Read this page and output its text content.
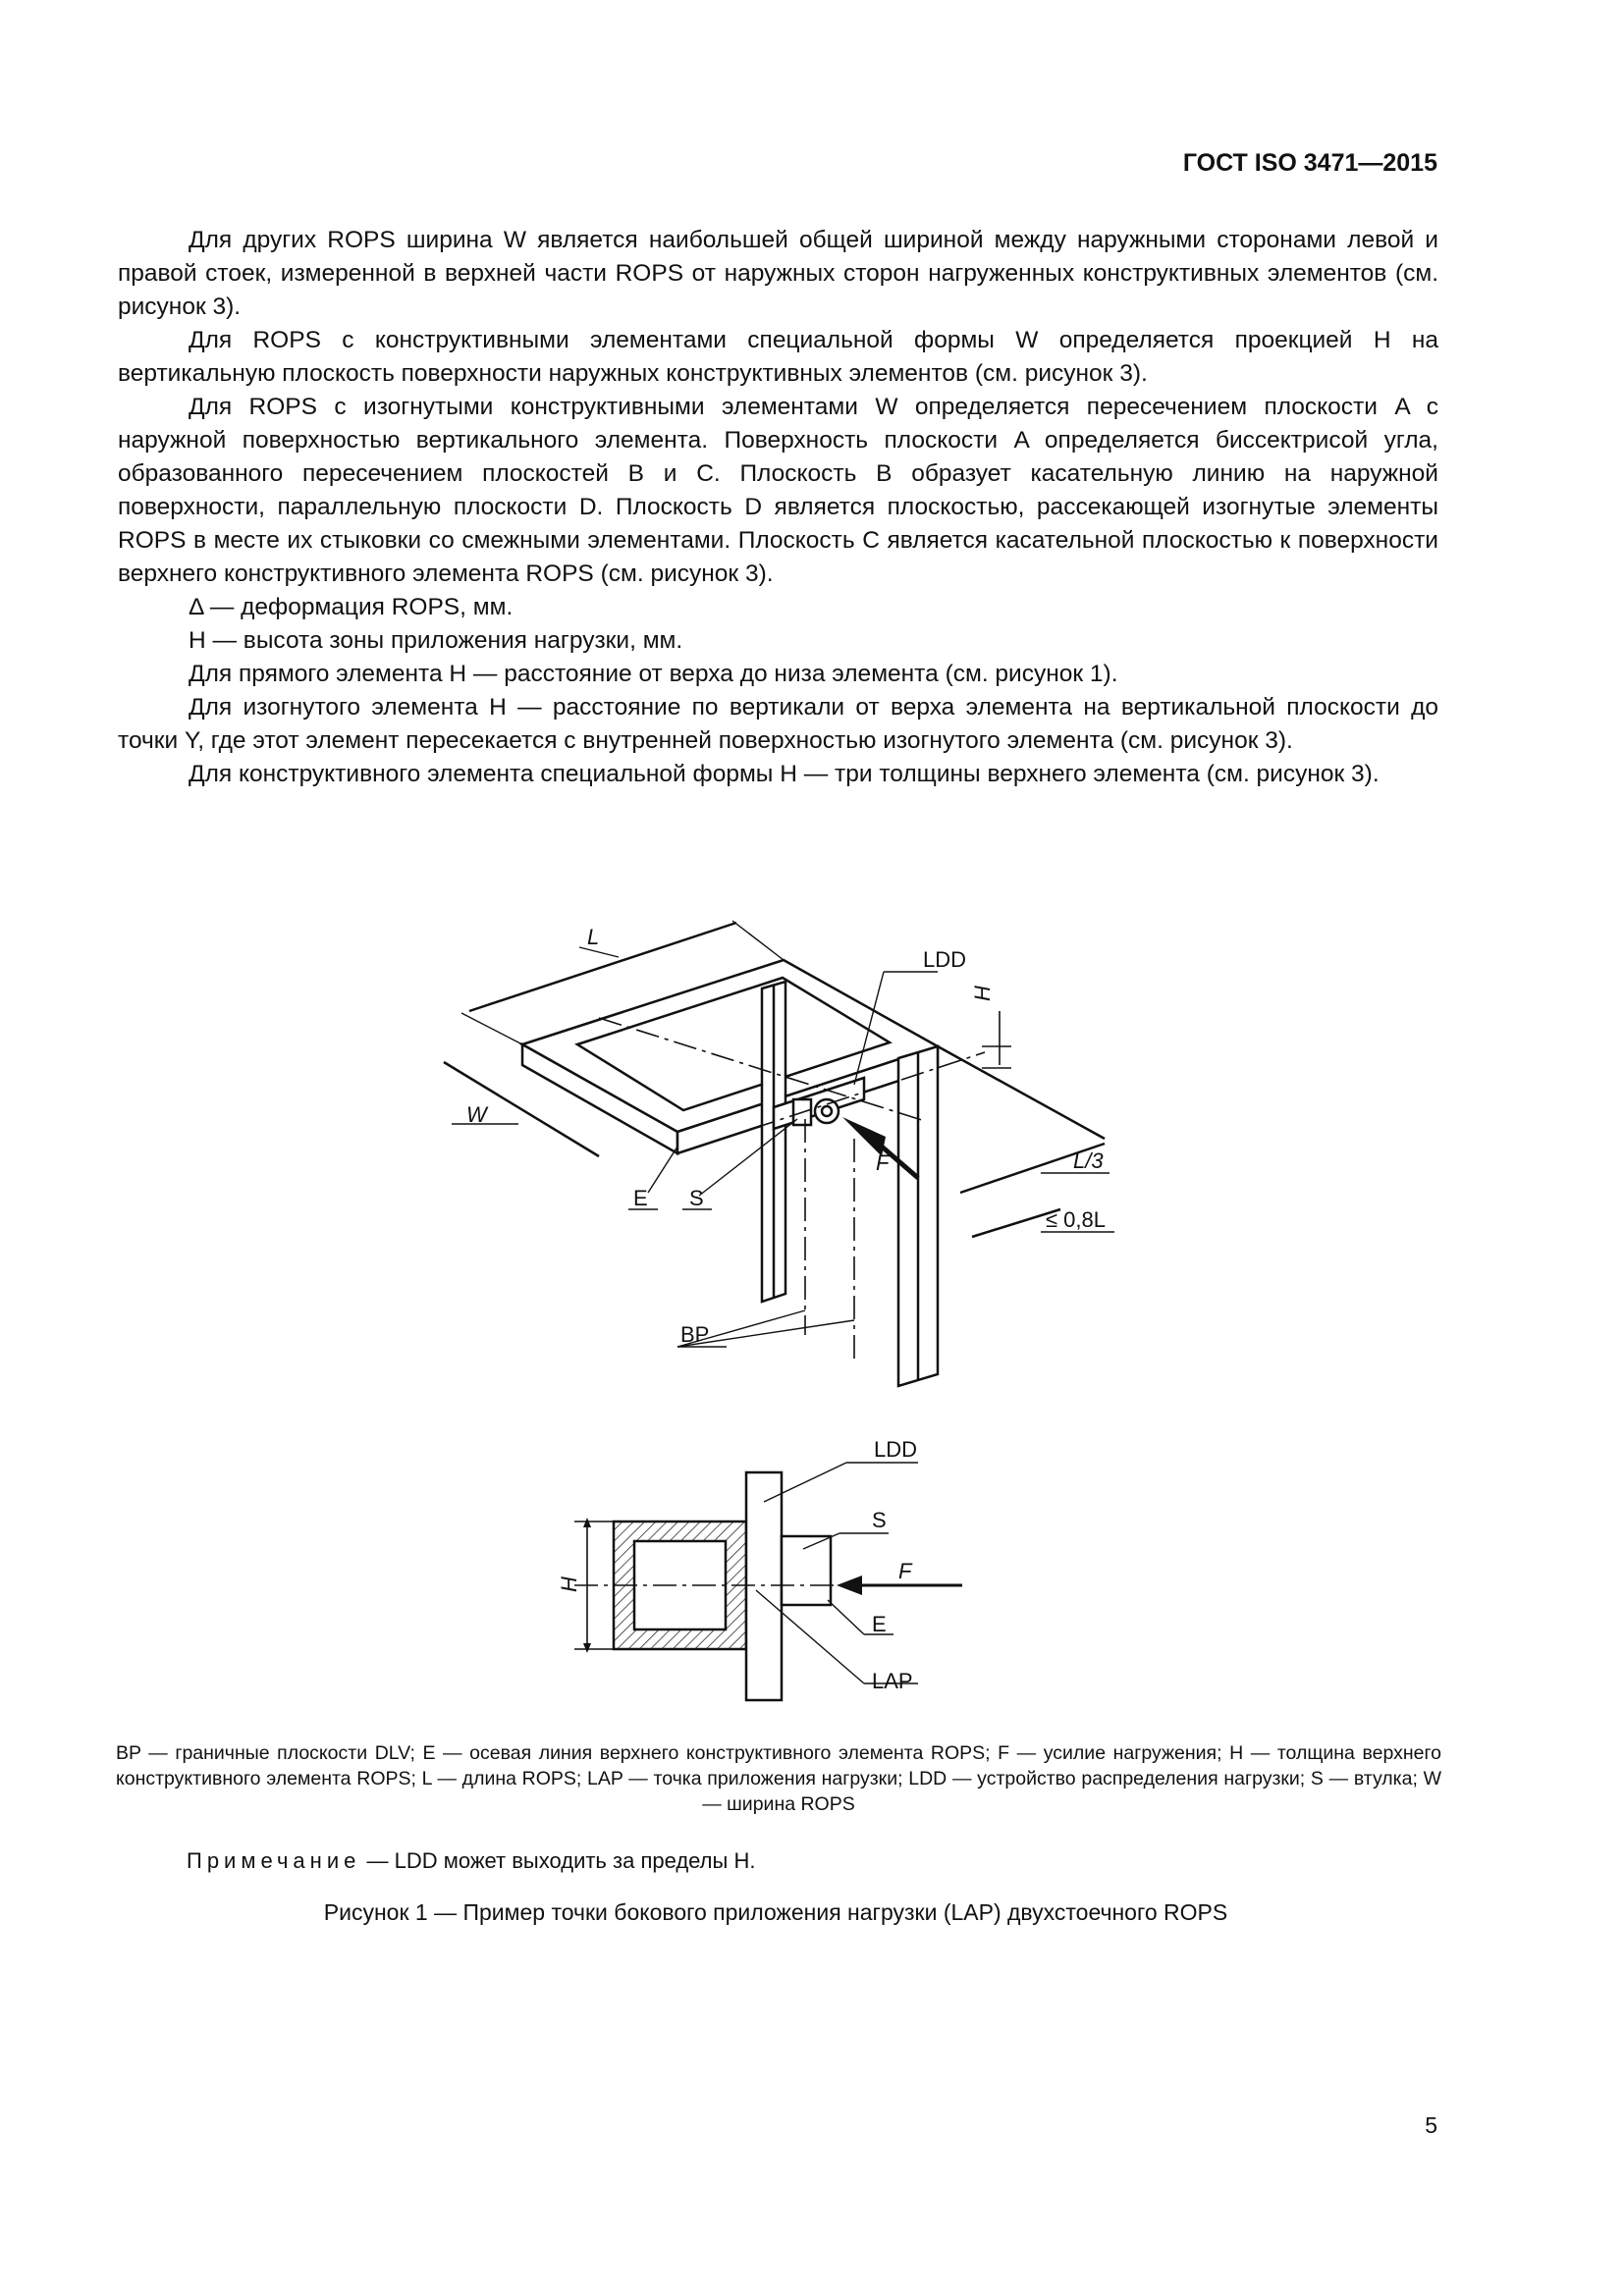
ГОСТ ISO 3471—2015

Для других ROPS ширина W является наибольшей общей шириной между наружными сторонами левой и правой стоек, измеренной в верхней части ROPS от наружных сторон нагруженных конструктивных элементов (см. рисунок 3).

Для ROPS с конструктивными элементами специальной формы W определяется проекцией H на вертикальную плоскость поверхности наружных конструктивных элементов (см. рисунок 3).

Для ROPS с изогнутыми конструктивными элементами W определяется пересечением плоскости A с наружной поверхностью вертикального элемента. Поверхность плоскости A определяется биссектрисой угла, образованного пересечением плоскостей B и C. Плоскость B образует касательную линию на наружной поверхности, параллельную плоскости D. Плоскость D является плоскостью, рассекающей изогнутые элементы ROPS в месте их стыковки со смежными элементами. Плоскость C является касательной плоскостью к поверхности верхнего конструктивного элемента ROPS (см. рисунок 3).

Δ — деформация ROPS, мм.

H — высота зоны приложения нагрузки, мм.

Для прямого элемента H — расстояние от верха до низа элемента (см. рисунок 1).

Для изогнутого элемента H — расстояние по вертикали от верха элемента на вертикальной плоскости до точки Y, где этот элемент пересекается с внутренней поверхностью изогнутого элемента (см. рисунок 3).

Для конструктивного элемента специальной формы H — три толщины верхнего элемента (см. рисунок 3).

L
LDD
H
W
F
E S
L/3
≤ 0,8L
BP
LDD
S
F
E
LAP
H
BP — граничные плоскости DLV; E — осевая линия верхнего конструктивного элемента ROPS; F — усилие нагружения; H — толщина верхнего конструктивного элемента ROPS; L — длина ROPS; LAP — точка приложения нагрузки; LDD — устройство распределения нагрузки; S — втулка; W — ширина ROPS
Примечание — LDD может выходить за пределы H.
Рисунок 1 — Пример точки бокового приложения нагрузки (LAP) двухстоечного ROPS
5
